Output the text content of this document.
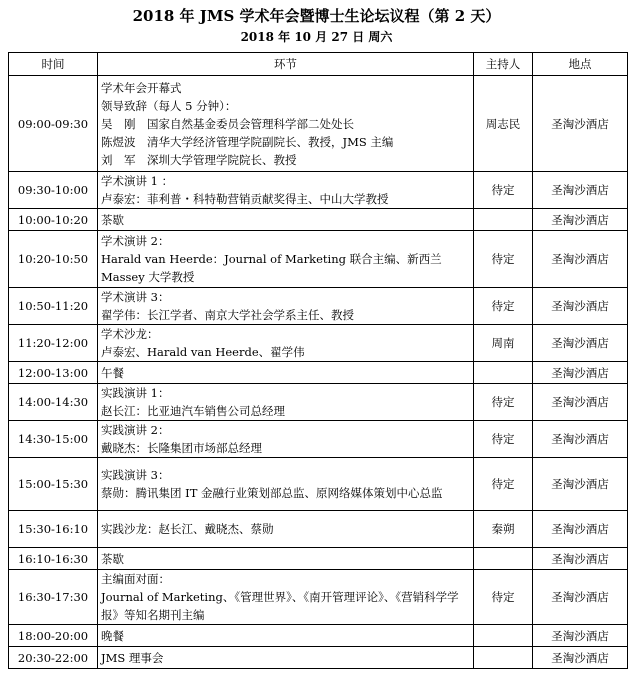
2018 年 JMS 学术年会暨博士生论坛议程（第 2 天）
2018 年 10 月 27 日 周六
时间	环节	主持人	地点
09:00-09:30	学术年会开幕式
领导致辞（每人 5 分钟）：
吴　刚　国家自然基金委员会管理科学部二处处长
陈煜波　清华大学经济管理学院副院长、教授，JMS 主编
刘　军　深圳大学管理学院院长、教授	周志民	圣淘沙酒店
09:30-10:00	学术演讲 1 ：
卢泰宏：菲利普・科特勒营销贡献奖得主、中山大学教授	待定	圣淘沙酒店
10:00-10:20	茶歇		圣淘沙酒店
10:20-10:50	学术演讲 2：
Harald van Heerde：Journal of Marketing 联合主编、新西兰 Massey 大学教授	待定	圣淘沙酒店
10:50-11:20	学术演讲 3：
翟学伟：长江学者、南京大学社会学系主任、教授	待定	圣淘沙酒店
11:20-12:00	学术沙龙：
卢泰宏、Harald van Heerde、翟学伟	周南	圣淘沙酒店
12:00-13:00	午餐		圣淘沙酒店
14:00-14:30	实践演讲 1：
赵长江：比亚迪汽车销售公司总经理	待定	圣淘沙酒店
14:30-15:00	实践演讲 2：
戴晓杰：长隆集团市场部总经理	待定	圣淘沙酒店
15:00-15:30	实践演讲 3：
蔡勋：腾讯集团 IT 金融行业策划部总监、原网络媒体策划中心总监	待定	圣淘沙酒店
15:30-16:10	实践沙龙：赵长江、戴晓杰、蔡勋	秦朔	圣淘沙酒店
16:10-16:30	茶歇		圣淘沙酒店
16:30-17:30	主编面对面：
Journal of Marketing、《管理世界》、《南开管理评论》、《营销科学学报》等知名期刊主编	待定	圣淘沙酒店
18:00-20:00	晚餐		圣淘沙酒店
20:30-22:00	JMS 理事会		圣淘沙酒店
